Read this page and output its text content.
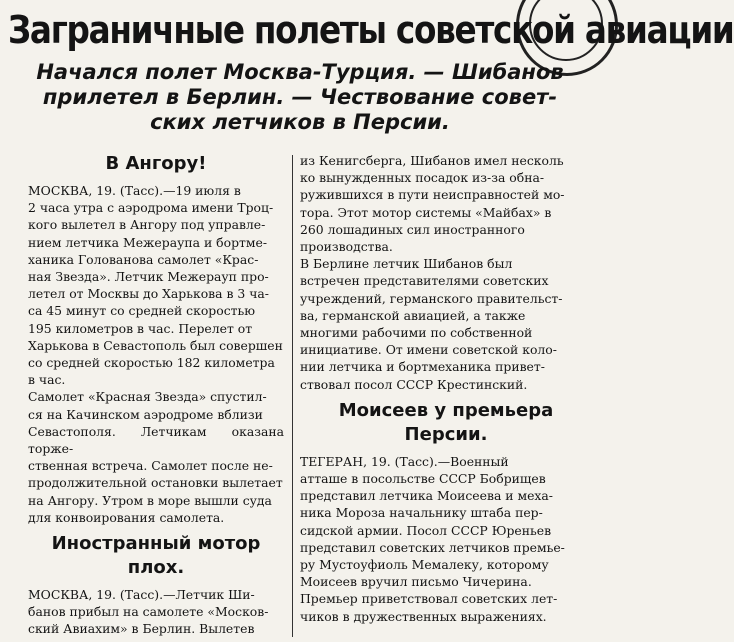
Заграничные полеты советской авиации
Начался полет Москва-Турция. — Шибанов
прилетел в Берлин. — Чествование совет-
ских летчиков в Персии.
В Ангору!

МОСКВА, 19. (Тасс).—19 июля в
2 часа утра с аэродрома имени Троц-
кого вылетел в Ангору под управле-
нием летчика Межераупа и бортме-
ханика Голованова самолет «Крас-
ная Звезда». Летчик Межерауп про-
летел от Москвы до Харькова в 3 ча-
са 45 минут со средней скоростью
195 километров в час. Перелет от
Харькова в Севастополь был совершен
со средней скоростью 182 километра
в час.

Самолет «Красная Звезда» спустил-
ся на Качинском аэродроме вблизи
Севастополя. Летчикам оказана торже-
ственная встреча. Самолет после не-
продолжительной остановки вылетает
на Ангору. Утром в море вышли суда
для конвоирования самолета.

Иностранный мотор плох.

МОСКВА, 19. (Тасс).—Летчик Ши-
банов прибыл на самолете «Москов-
ский Авиахим» в Берлин. Вылетев

из Кенигсберга, Шибанов имел несколь
ко вынужденных посадок из-за обна-
ружившихся в пути неисправностей мо-
тора. Этот мотор системы «Майбах» в
260 лошадиных сил иностранного
производства.

В Берлине летчик Шибанов был
встречен представителями советских
учреждений, германского правительст-
ва, германской авиацией, а также
многими рабочими по собственной
инициативе. От имени советской коло-
нии летчика и бортмеханика привет-
ствовал посол СССР Крестинский.

Моисеев у премьера Персии.

ТЕГЕРАН, 19. (Тасс).—Военный
атташе в посольстве СССР Бобрищев
представил летчика Моисеева и меха-
ника Мороза начальнику штаба пер-
сидской армии. Посол СССР Юреньев
представил советских летчиков премье-
ру Мустоуфиоль Мемалеку, которому
Моисеев вручил письмо Чичерина.
Премьер приветствовал советских лет-
чиков в дружественных выражениях.
